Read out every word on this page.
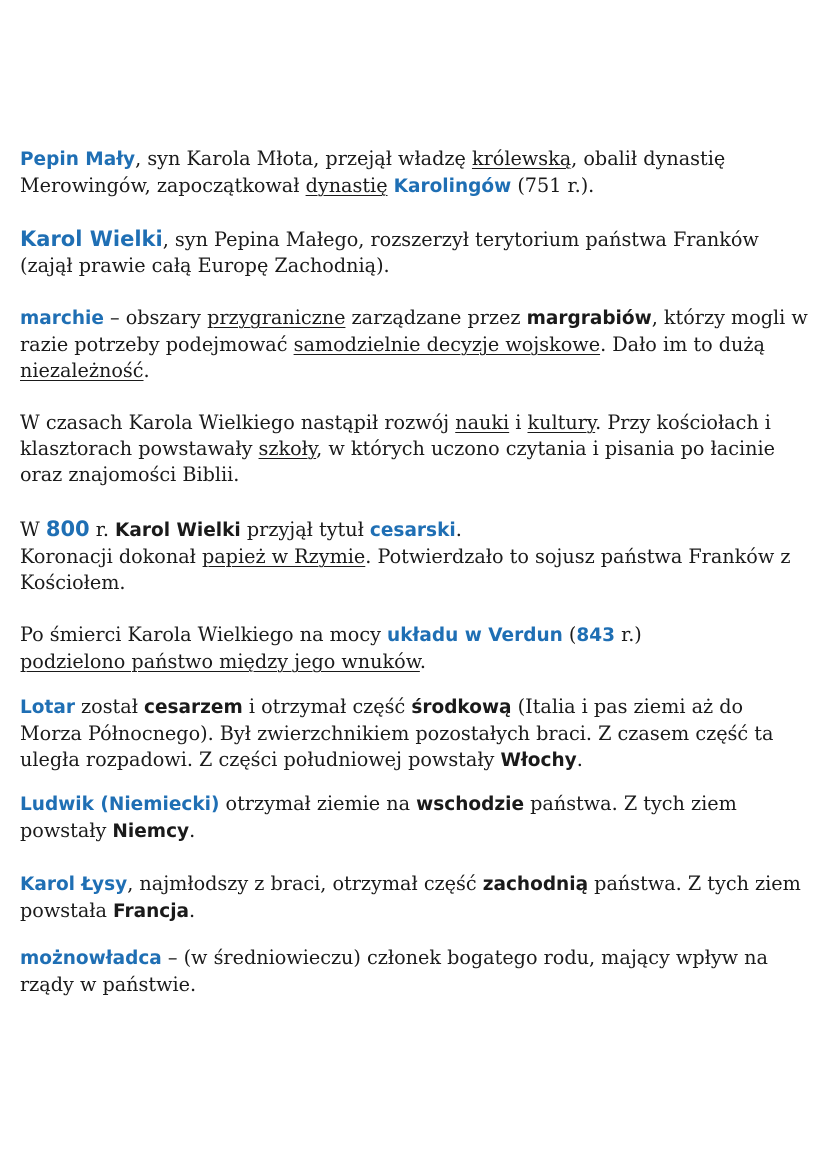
Pepin Mały, syn Karola Młota, przejął władzę królewską, obalił dynastię Merowingów, zapoczątkował dynastię Karolingów (751 r.).

Karol Wielki, syn Pepina Małego, rozszerzył terytorium państwa Franków (zajął prawie całą Europę Zachodnią).

marchie – obszary przygraniczne zarządzane przez margrabiów, którzy mogli w razie potrzeby podejmować samodzielnie decyzje wojskowe. Dało im to dużą niezależność.

W czasach Karola Wielkiego nastąpił rozwój nauki i kultury. Przy kościołach i klasztorach powstawały szkoły, w których uczono czytania i pisania po łacinie oraz znajomości Biblii.

W 800 r. Karol Wielki przyjął tytuł cesarski.
Koronacji dokonał papież w Rzymie. Potwierdzało to sojusz państwa Franków z Kościołem.

Po śmierci Karola Wielkiego na mocy układu w Verdun (843 r.)
podzielono państwo między jego wnuków.

Lotar został cesarzem i otrzymał część środkową (Italia i pas ziemi aż do Morza Północnego). Był zwierzchnikiem pozostałych braci. Z czasem część ta uległa rozpadowi. Z części południowej powstały Włochy.

Ludwik (Niemiecki) otrzymał ziemie na wschodzie państwa. Z tych ziem powstały Niemcy.

Karol Łysy, najmłodszy z braci, otrzymał część zachodnią państwa. Z tych ziem powstała Francja.

możnowładca – (w średniowieczu) członek bogatego rodu, mający wpływ na rządy w państwie.
